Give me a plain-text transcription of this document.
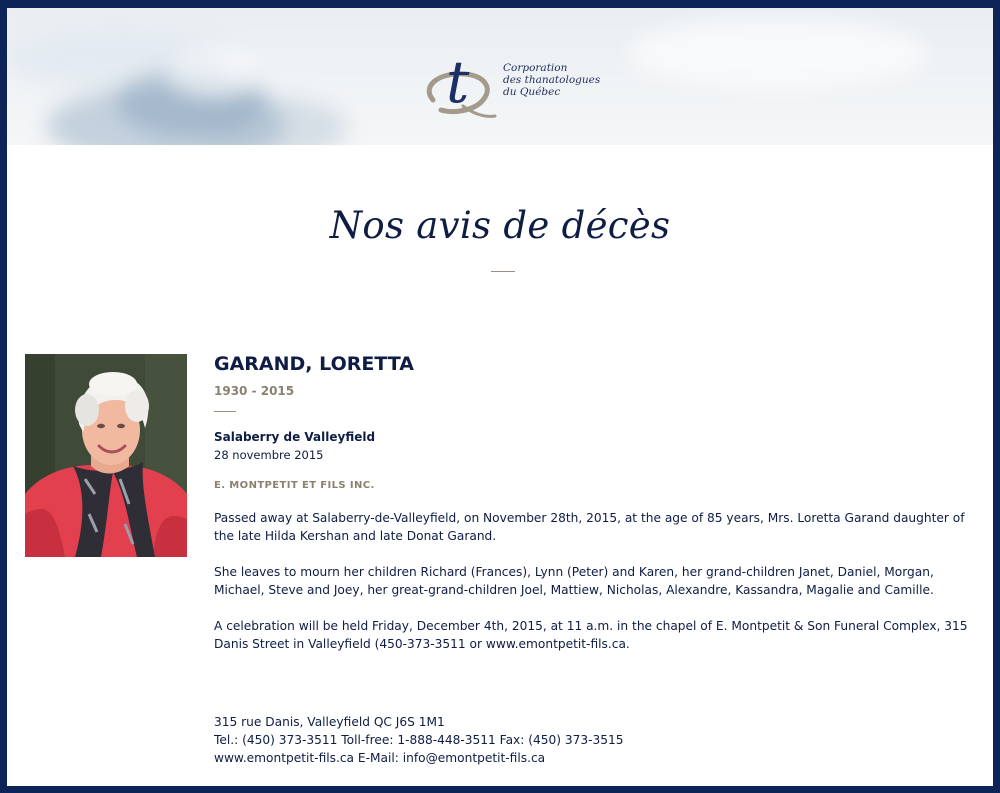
t	Corporation
des thanatologues
du Québec
Nos avis de décès
GARAND, LORETTA
1930 - 2015
Salaberry de Valleyfield
28 novembre 2015
E. MONTPETIT ET FILS INC.

Passed away at Salaberry-de-Valleyfield, on November 28th, 2015, at the age of 85 years, Mrs. Loretta Garand daughter of the late Hilda Kershan and late Donat Garand.

She leaves to mourn her children Richard (Frances), Lynn (Peter) and Karen, her grand-children Janet, Daniel, Morgan, Michael, Steve and Joey, her great-grand-children Joel, Mattiew, Nicholas, Alexandre, Kassandra, Magalie and Camille.

A celebration will be held Friday, December 4th, 2015, at 11 a.m. in the chapel of E. Montpetit & Son Funeral Complex, 315 Danis Street in Valleyfield (450-373-3511 or www.emontpetit-fils.ca.

315 rue Danis, Valleyfield QC J6S 1M1
Tel.: (450) 373-3511 Toll-free: 1-888-448-3511 Fax: (450) 373-3515
www.emontpetit-fils.ca E-Mail: info@emontpetit-fils.ca
